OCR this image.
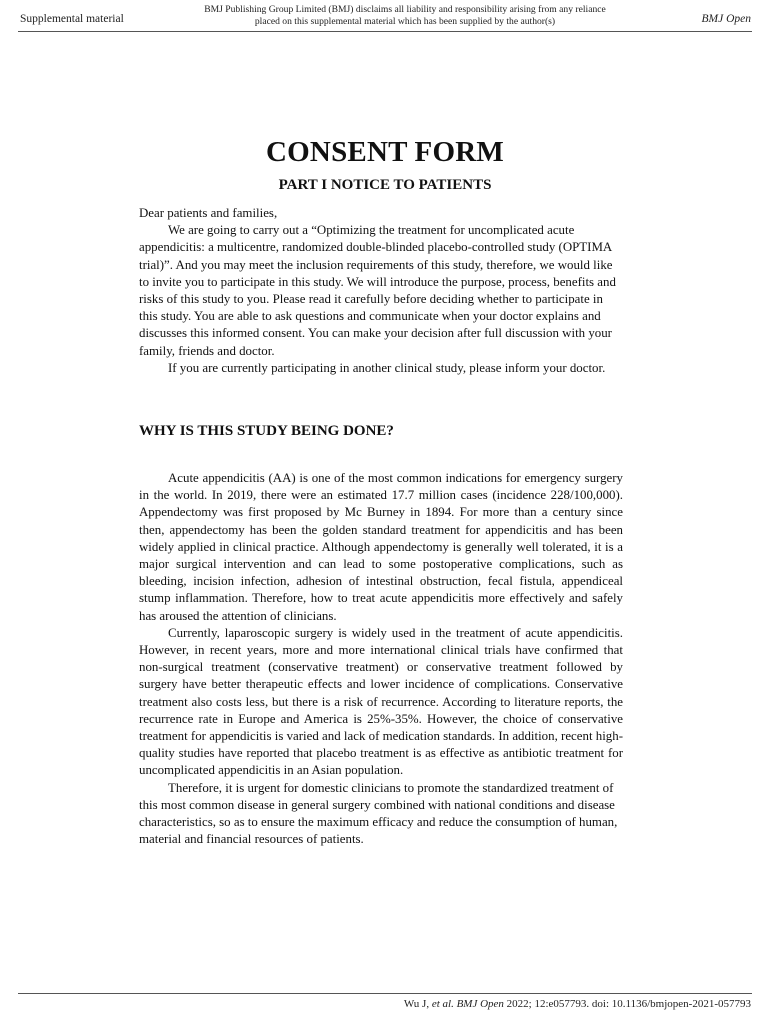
Supplemental material
BMJ Publishing Group Limited (BMJ) disclaims all liability and responsibility arising from any reliance
placed on this supplemental material which has been supplied by the author(s)	BMJ Open
CONSENT FORM
PART I NOTICE TO PATIENTS

Dear patients and families,

We are going to carry out a “Optimizing the treatment for uncomplicated acute appendicitis: a multicentre, randomized double-blinded placebo-controlled study (OPTIMA trial)”. And you may meet the inclusion requirements of this study, therefore, we would like to invite you to participate in this study. We will introduce the purpose, process, benefits and risks of this study to you. Please read it carefully before deciding whether to participate in this study. You are able to ask questions and communicate when your doctor explains and discusses this informed consent. You can make your decision after full discussion with your family, friends and doctor.

If you are currently participating in another clinical study, please inform your doctor.

WHY IS THIS STUDY BEING DONE?

Acute appendicitis (AA) is one of the most common indications for emergency surgery in the world. In 2019, there were an estimated 17.7 million cases (incidence 228/100,000). Appendectomy was first proposed by Mc Burney in 1894. For more than a century since then, appendectomy has been the golden standard treatment for appendicitis and has been widely applied in clinical practice. Although appendectomy is generally well tolerated, it is a major surgical intervention and can lead to some postoperative complications, such as bleeding, incision infection, adhesion of intestinal obstruction, fecal fistula, appendiceal stump inflammation. Therefore, how to treat acute appendicitis more effectively and safely has aroused the attention of clinicians.

Currently, laparoscopic surgery is widely used in the treatment of acute appendicitis. However, in recent years, more and more international clinical trials have confirmed that non-surgical treatment (conservative treatment) or conservative treatment followed by surgery have better therapeutic effects and lower incidence of complications. Conservative treatment also costs less, but there is a risk of recurrence. According to literature reports, the recurrence rate in Europe and America is 25%-35%. However, the choice of conservative treatment for appendicitis is varied and lack of medication standards. In addition, recent high-quality studies have reported that placebo treatment is as effective as antibiotic treatment for uncomplicated appendicitis in an Asian population.

Therefore, it is urgent for domestic clinicians to promote the standardized treatment of this most common disease in general surgery combined with national conditions and disease characteristics, so as to ensure the maximum efficacy and reduce the consumption of human, material and financial resources of patients.

Wu J, et al. BMJ Open 2022; 12:e057793. doi: 10.1136/bmjopen-2021-057793
